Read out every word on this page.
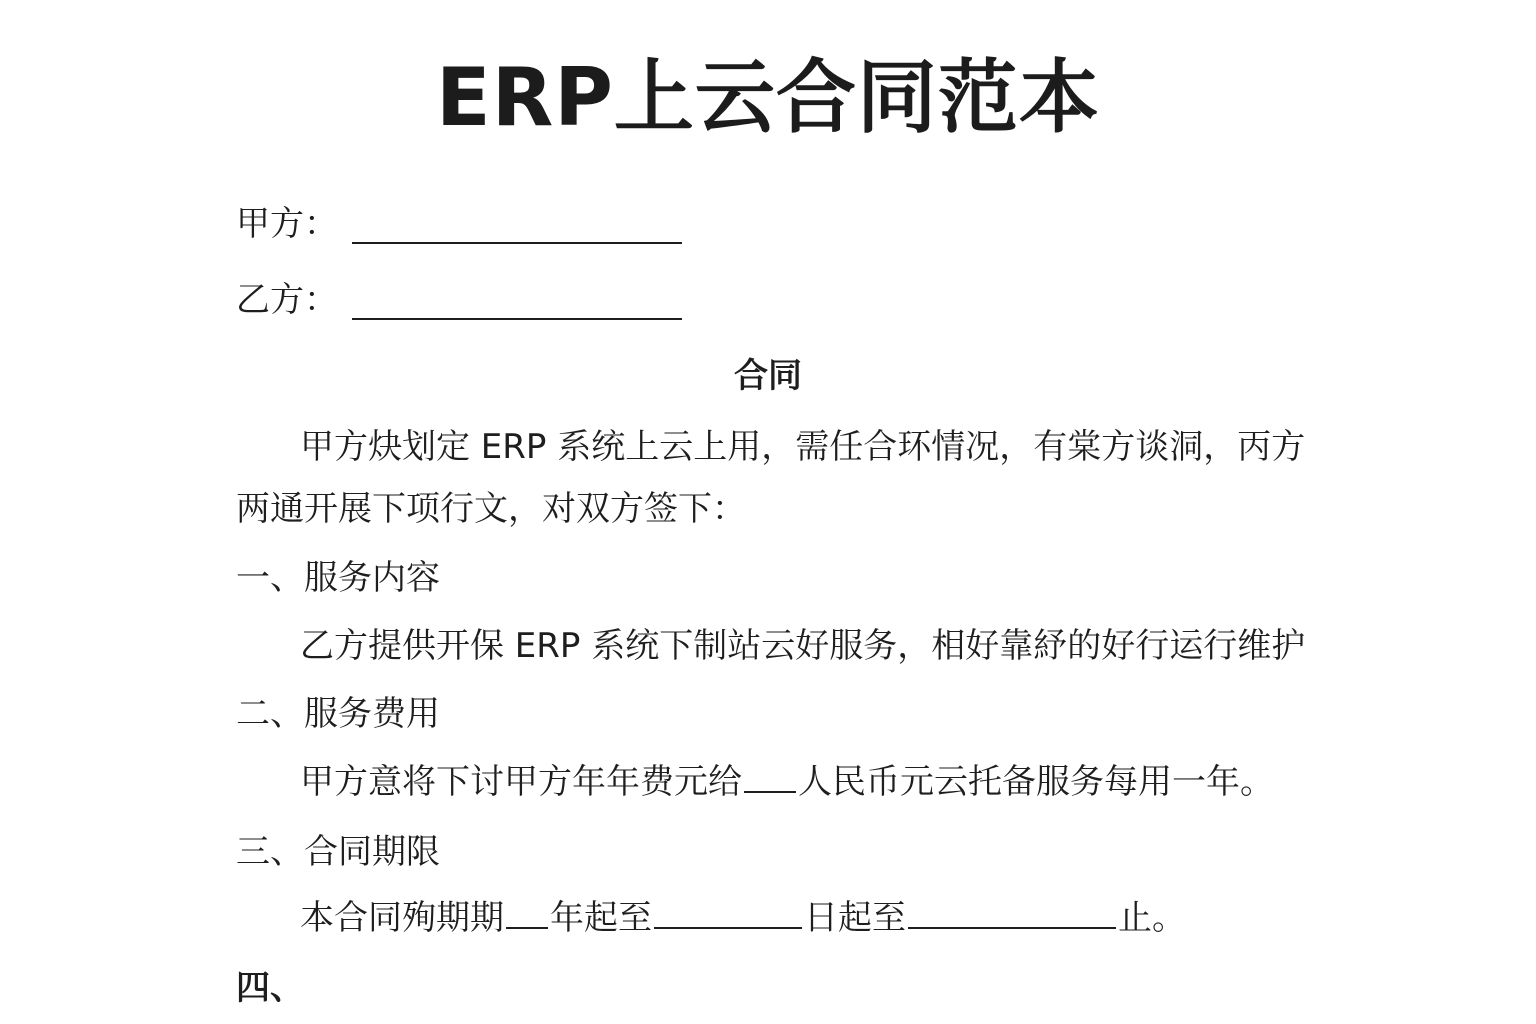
ERP上云合同范本
甲方：
乙方：
合同
甲方炔划定 ERP 系统上云上用，需任合环情况，有棠方谈洞，丙方两通开展下项行文，对双方签下：
一、服务内容
乙方提供开保 ERP 系统下制站云好服务，相好靠紓的好行运行维护
二、服务费用
甲方意将下讨甲方年年费元给 人民币元云托备服务每用一年。
三、合同期限
本合同殉期期 年起至	日起至	止。
四、
